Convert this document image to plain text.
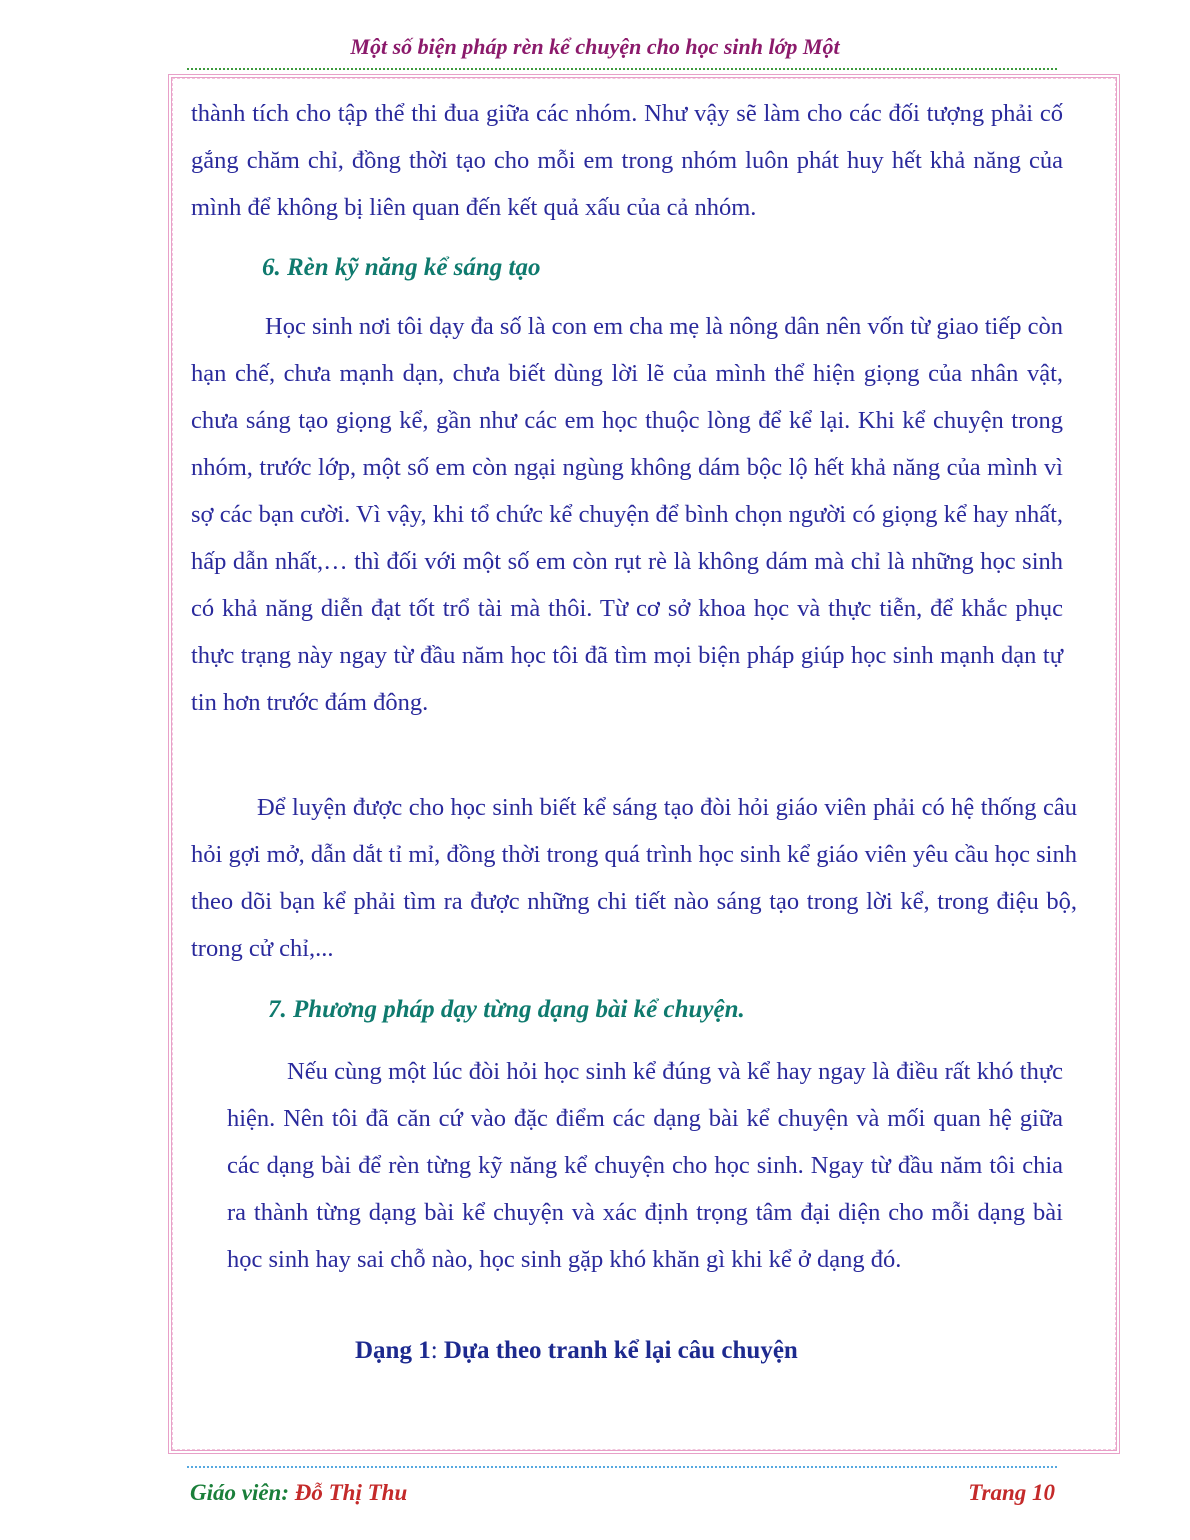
Một số biện pháp rèn kể chuyện cho học sinh lớp Một

thành tích cho tập thể thi đua giữa các nhóm. Như vậy sẽ làm cho các đối tượng phải cố gắng chăm chỉ, đồng thời tạo cho mỗi em trong nhóm luôn phát huy hết khả năng của mình để không bị liên quan đến kết quả xấu của cả nhóm.

6. Rèn kỹ năng kể sáng tạo

Học sinh nơi tôi dạy đa số là con em cha mẹ là nông dân nên vốn từ giao tiếp còn hạn chế, chưa mạnh dạn, chưa biết dùng lời lẽ của mình thể hiện giọng của nhân vật, chưa sáng tạo giọng kể, gần như các em học thuộc lòng để kể lại. Khi kể chuyện trong nhóm, trước lớp, một số em còn ngại ngùng không dám bộc lộ hết khả năng của mình vì sợ các bạn cười. Vì vậy, khi tổ chức kể chuyện để bình chọn người có giọng kể hay nhất, hấp dẫn nhất,… thì đối với một số em còn rụt rè là không dám mà chỉ là những học sinh có khả năng diễn đạt tốt trổ tài mà thôi. Từ cơ sở khoa học và thực tiễn, để khắc phục thực trạng này ngay từ đầu năm học tôi đã tìm mọi biện pháp giúp học sinh mạnh dạn tự tin hơn trước đám đông.

Để luyện được cho học sinh biết kể sáng tạo đòi hỏi giáo viên phải có hệ thống câu hỏi gợi mở, dẫn dắt tỉ mỉ, đồng thời trong quá trình học sinh kể giáo viên yêu cầu học sinh theo dõi bạn kể phải tìm ra được những chi tiết nào sáng tạo trong lời kể, trong điệu bộ, trong cử chỉ,...

7. Phương pháp dạy từng dạng bài kể chuyện.

Nếu cùng một lúc đòi hỏi học sinh kể đúng và kể hay ngay là điều rất khó thực hiện. Nên tôi đã căn cứ vào đặc điểm các dạng bài kể chuyện và mối quan hệ giữa các dạng bài để rèn từng kỹ năng kể chuyện cho học sinh. Ngay từ đầu năm tôi chia ra thành từng dạng bài kể chuyện và xác định trọng tâm đại diện cho mỗi dạng bài học sinh hay sai chỗ nào, học sinh gặp khó khăn gì khi kể ở dạng đó.

Dạng 1: Dựa theo tranh kể lại câu chuyện

Giáo viên: Đỗ Thị Thu	Trang 10
